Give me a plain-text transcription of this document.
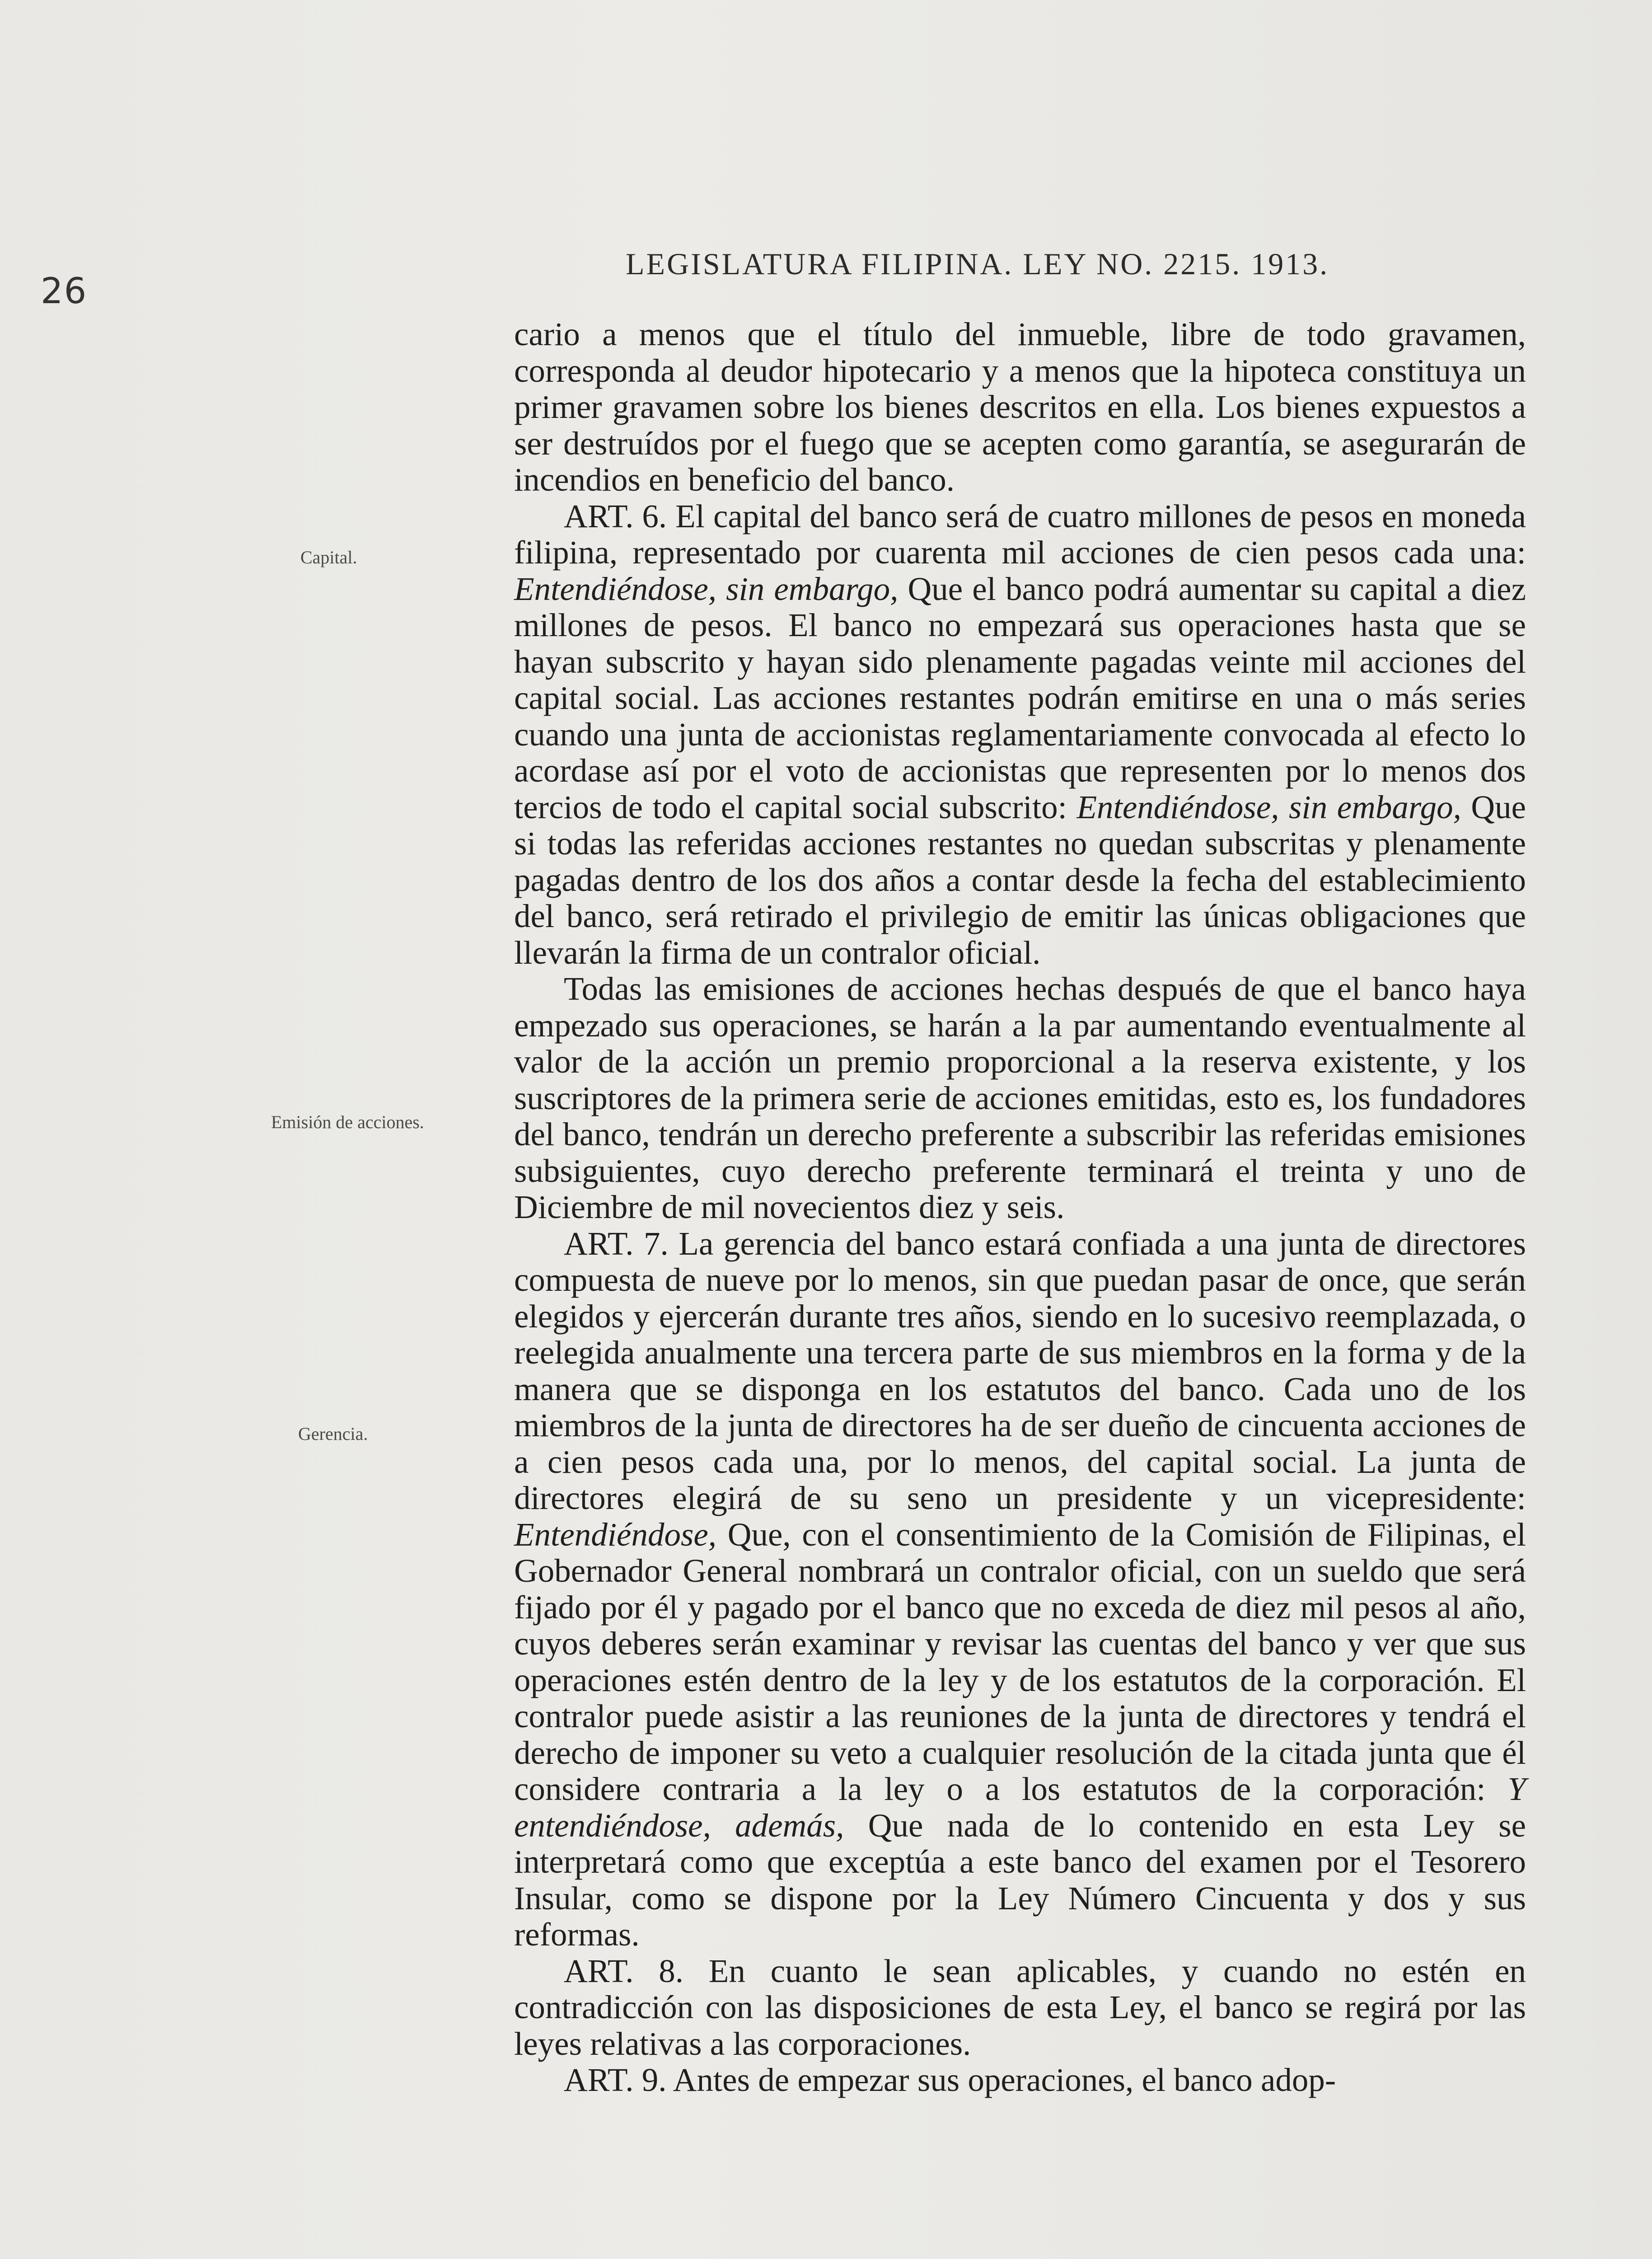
26
LEGISLATURA FILIPINA. LEY NO. 2215. 1913.
Capital.
Emisión de acciones.
Gerencia.

cario a menos que el título del inmueble, libre de todo gravamen, corresponda al deudor hipotecario y a menos que la hipoteca constituya un primer gravamen sobre los bienes descritos en ella. Los bienes expuestos a ser destruídos por el fuego que se acepten como garantía, se asegurarán de incendios en beneficio del banco.

ART. 6. El capital del banco será de cuatro millones de pesos en moneda filipina, representado por cuarenta mil acciones de cien pesos cada una: Entendiéndose, sin embargo, Que el banco podrá aumentar su capital a diez millones de pesos. El banco no empezará sus operaciones hasta que se hayan subscrito y hayan sido plenamente pagadas veinte mil acciones del capital social. Las acciones restantes podrán emitirse en una o más series cuando una junta de accionistas reglamentariamente convocada al efecto lo acordase así por el voto de accionistas que representen por lo menos dos tercios de todo el capital social subscrito: Entendiéndose, sin embargo, Que si todas las referidas acciones restantes no quedan subscritas y plenamente pagadas dentro de los dos años a contar desde la fecha del establecimiento del banco, será retirado el privilegio de emitir las únicas obligaciones que llevarán la firma de un contralor oficial.

Todas las emisiones de acciones hechas después de que el banco haya empezado sus operaciones, se harán a la par aumentando eventualmente al valor de la acción un premio proporcional a la reserva existente, y los suscriptores de la primera serie de acciones emitidas, esto es, los fundadores del banco, tendrán un derecho preferente a subscribir las referidas emisiones subsiguientes, cuyo derecho preferente terminará el treinta y uno de Diciembre de mil novecientos diez y seis.

ART. 7. La gerencia del banco estará confiada a una junta de directores compuesta de nueve por lo menos, sin que puedan pasar de once, que serán elegidos y ejercerán durante tres años, siendo en lo sucesivo reemplazada, o reelegida anualmente una tercera parte de sus miembros en la forma y de la manera que se disponga en los estatutos del banco. Cada uno de los miembros de la junta de directores ha de ser dueño de cincuenta acciones de a cien pesos cada una, por lo menos, del capital social. La junta de directores elegirá de su seno un presidente y un vicepresidente: Entendiéndose, Que, con el consentimiento de la Comisión de Filipinas, el Gobernador General nombrará un contralor oficial, con un sueldo que será fijado por él y pagado por el banco que no exceda de diez mil pesos al año, cuyos deberes serán examinar y revisar las cuentas del banco y ver que sus operaciones estén dentro de la ley y de los estatutos de la corporación. El contralor puede asistir a las reuniones de la junta de directores y tendrá el derecho de imponer su veto a cualquier resolución de la citada junta que él considere contraria a la ley o a los estatutos de la corporación: Y entendiéndose, además, Que nada de lo contenido en esta Ley se interpretará como que exceptúa a este banco del examen por el Tesorero Insular, como se dispone por la Ley Número Cincuenta y dos y sus reformas.

ART. 8. En cuanto le sean aplicables, y cuando no estén en contradicción con las disposiciones de esta Ley, el banco se regirá por las leyes relativas a las corporaciones.

ART. 9. Antes de empezar sus operaciones, el banco adop-
